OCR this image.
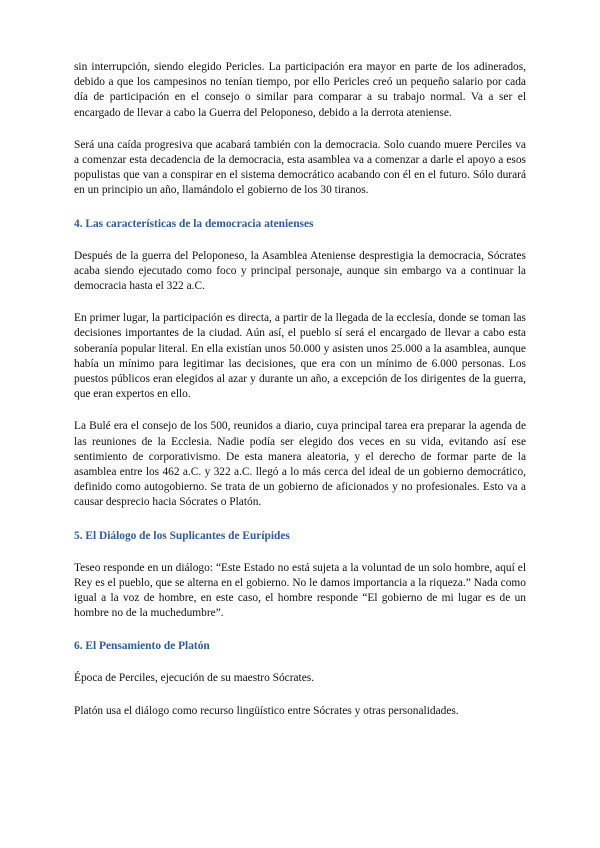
sin interrupción, siendo elegido Pericles. La participación era mayor en parte de los adinerados, debido a que los campesinos no tenían tiempo, por ello Pericles creó un pequeño salario por cada día de participación en el consejo o similar para comparar a su trabajo normal. Va a ser el encargado de llevar a cabo la Guerra del Peloponeso, debido a la derrota ateniense.

Será una caída progresiva que acabará también con la democracia. Solo cuando muere Perciles va a comenzar esta decadencia de la democracia, esta asamblea va a comenzar a darle el apoyo a esos populistas que van a conspirar en el sistema democrático acabando con él en el futuro. Sólo durará en un principio un año, llamándolo el gobierno de los 30 tiranos.

4. Las características de la democracia atenienses

Después de la guerra del Peloponeso, la Asamblea Ateniense desprestigia la democracia, Sócrates acaba siendo ejecutado como foco y principal personaje, aunque sin embargo va a continuar la democracia hasta el 322 a.C.

En primer lugar, la participación es directa, a partir de la llegada de la ecclesía, donde se toman las decisiones importantes de la ciudad. Aún así, el pueblo sí será el encargado de llevar a cabo esta soberanía popular literal. En ella existían unos 50.000 y asisten unos 25.000 a la asamblea, aunque había un mínimo para legitimar las decisiones, que era con un mínimo de 6.000 personas. Los puestos públicos eran elegidos al azar y durante un año, a excepción de los dirigentes de la guerra, que eran expertos en ello.

La Bulé era el consejo de los 500, reunidos a diario, cuya principal tarea era preparar la agenda de las reuniones de la Ecclesia. Nadie podía ser elegido dos veces en su vida, evitando así ese sentimiento de corporativismo. De esta manera aleatoria, y el derecho de formar parte de la asamblea entre los 462 a.C. y 322 a.C. llegó a lo más cerca del ideal de un gobierno democrático, definido como autogobierno. Se trata de un gobierno de aficionados y no profesionales. Esto va a causar desprecio hacia Sócrates o Platón.

5. El Diálogo de los Suplicantes de Eurípides

Teseo responde en un diálogo: “Este Estado no está sujeta a la voluntad de un solo hombre, aquí el Rey es el pueblo, que se alterna en el gobierno. No le damos importancia a la riqueza.” Nada como igual a la voz de hombre, en este caso, el hombre responde “El gobierno de mi lugar es de un hombre no de la muchedumbre”.

6. El Pensamiento de Platón

Época de Perciles, ejecución de su maestro Sócrates.

Platón usa el diálogo como recurso lingüístico entre Sócrates y otras personalidades.
